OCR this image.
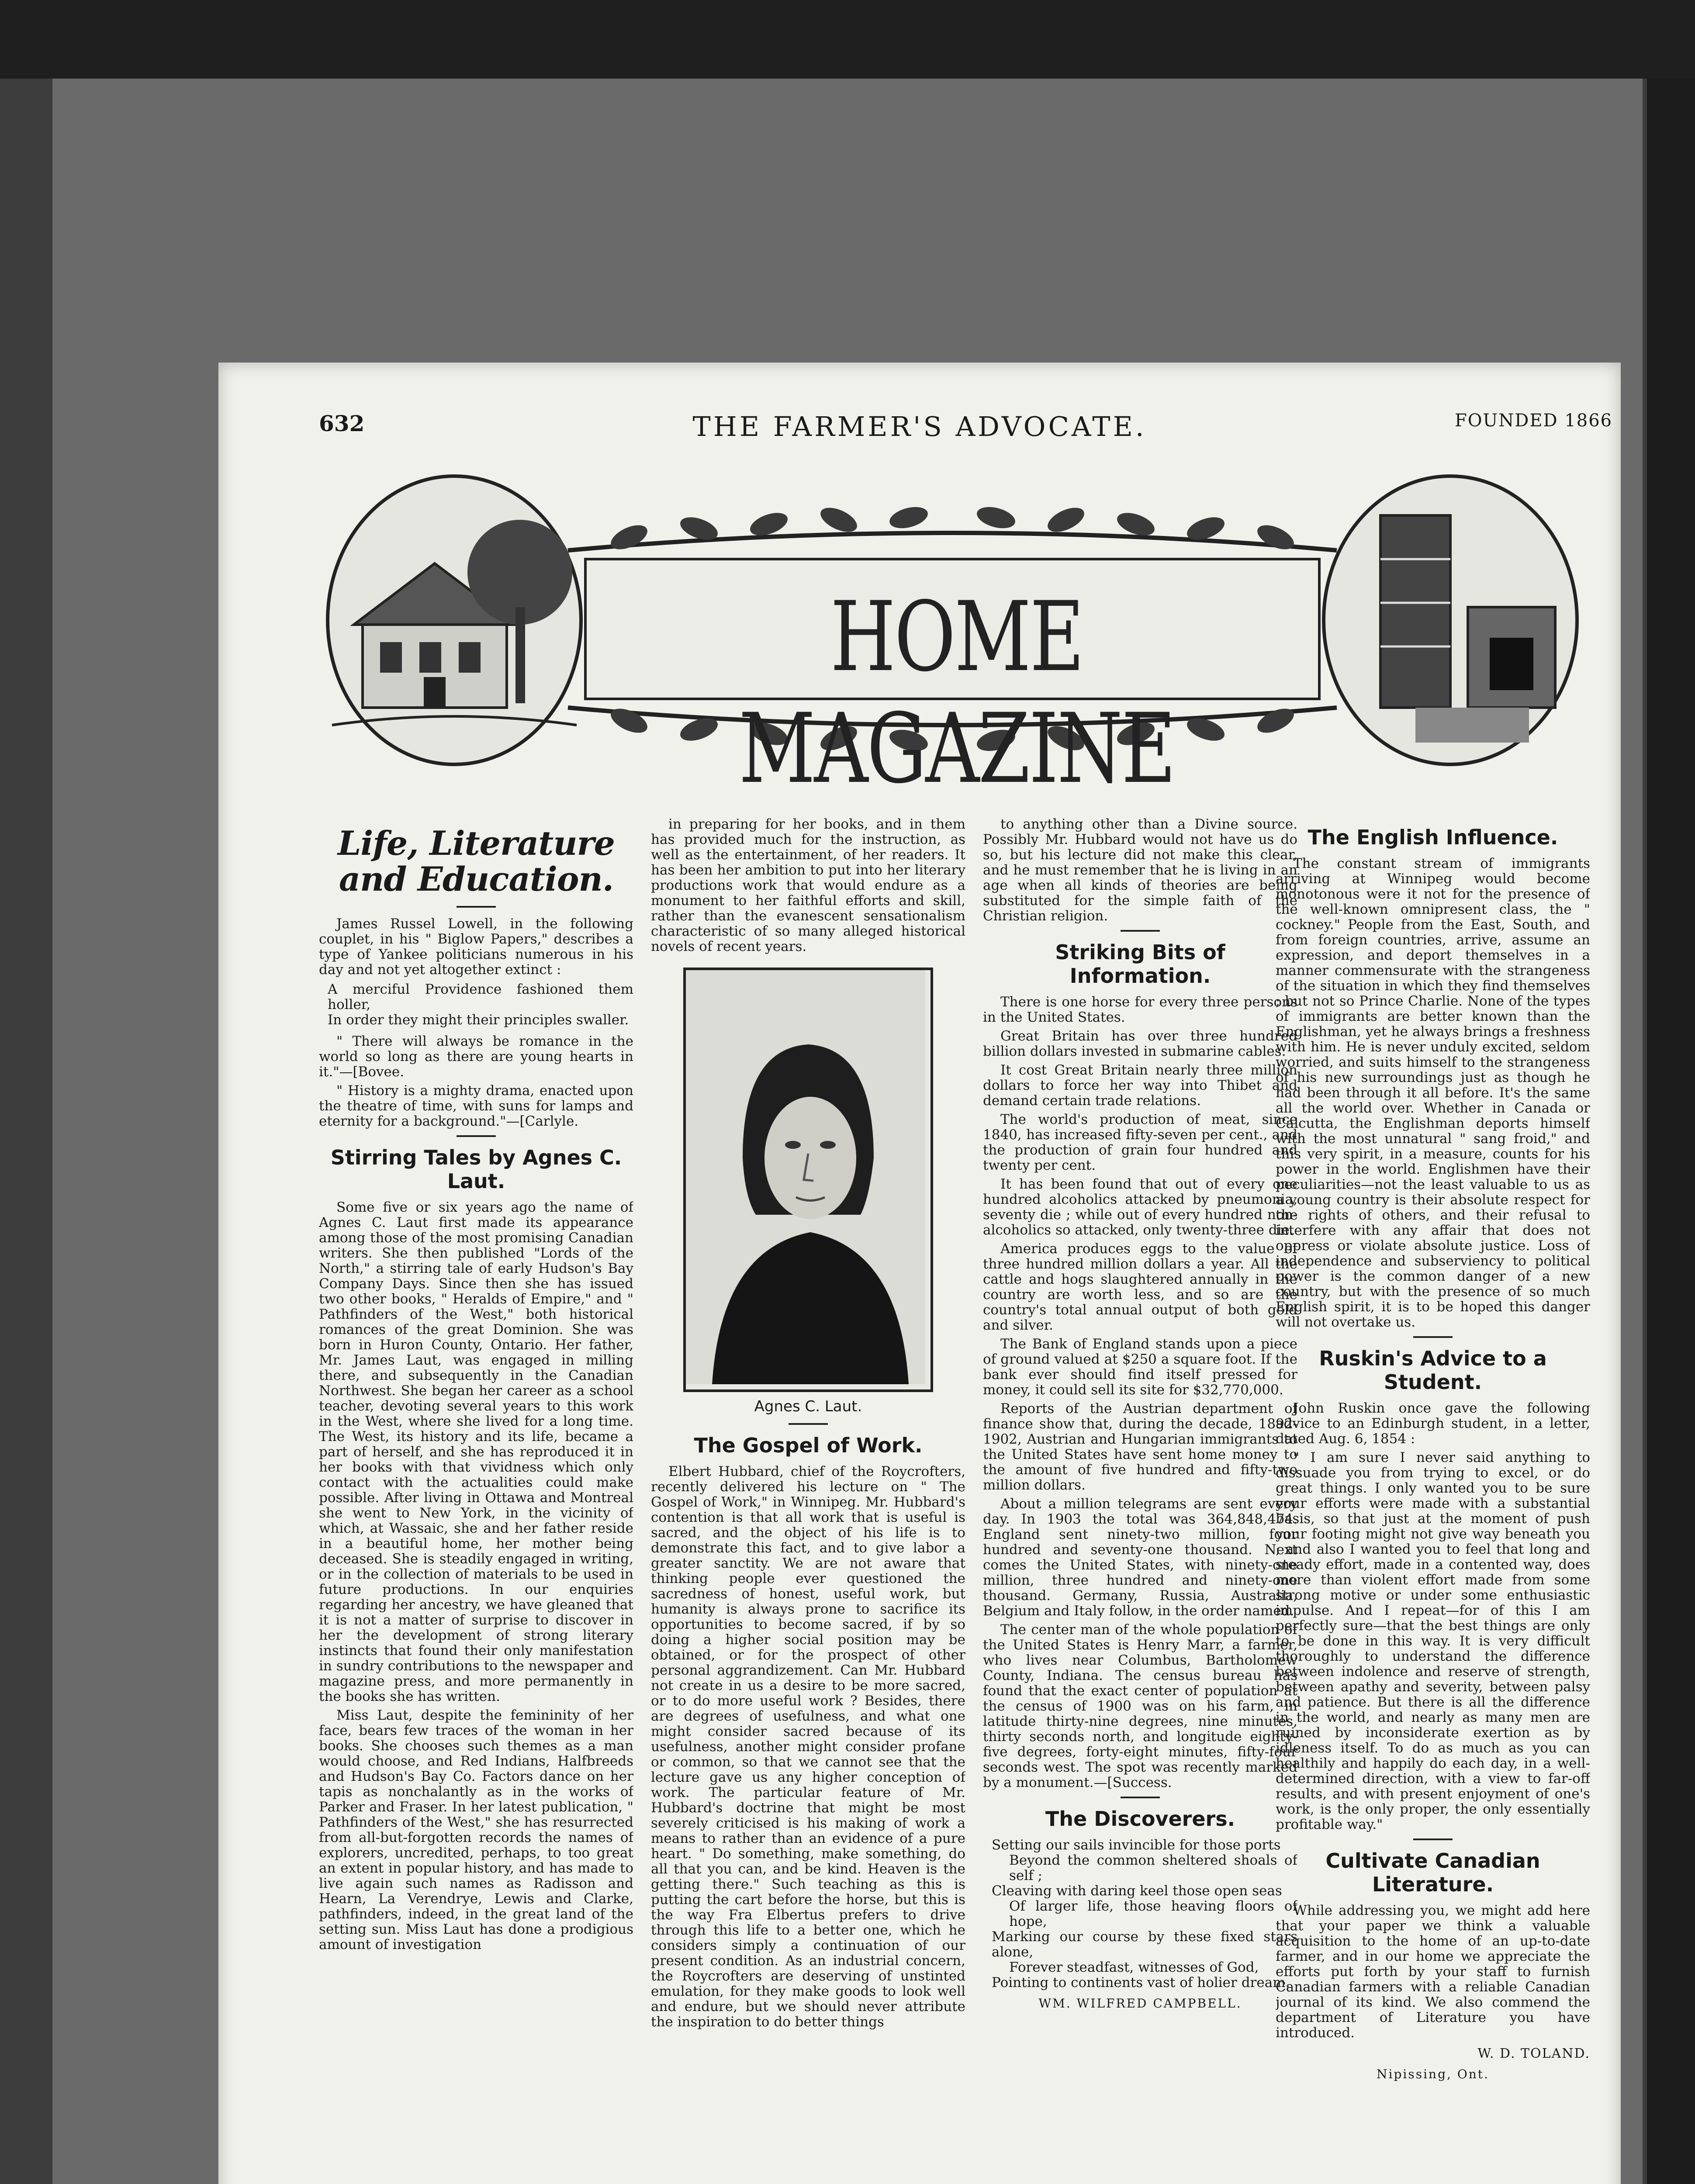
632	THE FARMER'S ADVOCATE.	FOUNDED 1866
HOME MAGAZINE
Life, Literature and Education.

James Russel Lowell, in the following couplet, in his " Biglow Papers," describes a type of Yankee politicians numerous in his day and not yet altogether extinct :

A merciful Providence fashioned them holler,
In order they might their principles swaller.

" There will always be romance in the world so long as there are young hearts in it."—[Bovee.

" History is a mighty drama, enacted upon the theatre of time, with suns for lamps and eternity for a background."—[Carlyle.

Stirring Tales by Agnes C. Laut.

Some five or six years ago the name of Agnes C. Laut first made its appearance among those of the most promising Canadian writers. She then published "Lords of the North," a stirring tale of early Hudson's Bay Company Days. Since then she has issued two other books, " Heralds of Empire," and " Pathfinders of the West," both historical romances of the great Dominion. She was born in Huron County, Ontario. Her father, Mr. James Laut, was engaged in milling there, and subsequently in the Canadian Northwest. She began her career as a school teacher, devoting several years to this work in the West, where she lived for a long time. The West, its history and its life, became a part of herself, and she has reproduced it in her books with that vividness which only contact with the actualities could make possible. After living in Ottawa and Montreal she went to New York, in the vicinity of which, at Wassaic, she and her father reside in a beautiful home, her mother being deceased. She is steadily engaged in writing, or in the collection of materials to be used in future productions. In our enquiries regarding her ancestry, we have gleaned that it is not a matter of surprise to discover in her the development of strong literary instincts that found their only manifestation in sundry contributions to the newspaper and magazine press, and more permanently in the books she has written.

Miss Laut, despite the femininity of her face, bears few traces of the woman in her books. She chooses such themes as a man would choose, and Red Indians, Halfbreeds and Hudson's Bay Co. Factors dance on her tapis as nonchalantly as in the works of Parker and Fraser. In her latest publication, " Pathfinders of the West," she has resurrected from all-but-forgotten records the names of explorers, uncredited, perhaps, to too great an extent in popular history, and has made to live again such names as Radisson and Hearn, La Verendrye, Lewis and Clarke, pathfinders, indeed, in the great land of the setting sun. Miss Laut has done a prodigious amount of investigation

in preparing for her books, and in them has provided much for the instruction, as well as the entertainment, of her readers. It has been her ambition to put into her literary productions work that would endure as a monument to her faithful efforts and skill, rather than the evanescent sensationalism characteristic of so many alleged historical novels of recent years.

Agnes C. Laut.
The Gospel of Work.

Elbert Hubbard, chief of the Roycrofters, recently delivered his lecture on " The Gospel of Work," in Winnipeg. Mr. Hubbard's contention is that all work that is useful is sacred, and the object of his life is to demonstrate this fact, and to give labor a greater sanctity. We are not aware that thinking people ever questioned the sacredness of honest, useful work, but humanity is always prone to sacrifice its opportunities to become sacred, if by so doing a higher social position may be obtained, or for the prospect of other personal aggrandizement. Can Mr. Hubbard not create in us a desire to be more sacred, or to do more useful work ? Besides, there are degrees of usefulness, and what one might consider sacred because of its usefulness, another might consider profane or common, so that we cannot see that the lecture gave us any higher conception of work. The particular feature of Mr. Hubbard's doctrine that might be most severely criticised is his making of work a means to rather than an evidence of a pure heart. " Do something, make something, do all that you can, and be kind. Heaven is the getting there." Such teaching as this is putting the cart before the horse, but this is the way Fra Elbertus prefers to drive through this life to a better one, which he considers simply a continuation of our present condition. As an industrial concern, the Roycrofters are deserving of unstinted emulation, for they make goods to look well and endure, but we should never attribute the inspiration to do better things

to anything other than a Divine source. Possibly Mr. Hubbard would not have us do so, but his lecture did not make this clear, and he must remember that he is living in an age when all kinds of theories are being substituted for the simple faith of the Christian religion.

Striking Bits of Information.

There is one horse for every three persons in the United States.

Great Britain has over three hundred billion dollars invested in submarine cables.

It cost Great Britain nearly three million dollars to force her way into Thibet and demand certain trade relations.

The world's production of meat, since 1840, has increased fifty-seven per cent., and the production of grain four hundred and twenty per cent.

It has been found that out of every one hundred alcoholics attacked by pneumonia, seventy die ; while out of every hundred non-alcoholics so attacked, only twenty-three die.

America produces eggs to the value of three hundred million dollars a year. All the cattle and hogs slaughtered annually in the country are worth less, and so are the country's total annual output of both gold and silver.

The Bank of England stands upon a piece of ground valued at $250 a square foot. If the bank ever should find itself pressed for money, it could sell its site for $32,770,000.

Reports of the Austrian department of finance show that, during the decade, 1892-1902, Austrian and Hungarian immigrants to the United States have sent home money to the amount of five hundred and fifty-two million dollars.

About a million telegrams are sent every day. In 1903 the total was 364,848,474. England sent ninety-two million, four hundred and seventy-one thousand. Next comes the United States, with ninety-one million, three hundred and ninety-one thousand. Germany, Russia, Australia, Belgium and Italy follow, in the order named.

The center man of the whole population of the United States is Henry Marr, a farmer, who lives near Columbus, Bartholomew County, Indiana. The census bureau has found that the exact center of population at the census of 1900 was on his farm, in latitude thirty-nine degrees, nine minutes, thirty seconds north, and longitude eighty-five degrees, forty-eight minutes, fifty-four seconds west. The spot was recently marked by a monument.—[Success.

The Discoverers.
Setting our sails invincible for those ports
Beyond the common sheltered shoals of self ;
Cleaving with daring keel those open seas
Of larger life, those heaving floors of hope,
Marking our course by these fixed stars alone,
Forever steadfast, witnesses of God,
Pointing to continents vast of holier dream.
WM. WILFRED CAMPBELL.
The English Influence.

The constant stream of immigrants arriving at Winnipeg would become monotonous were it not for the presence of the well-known omnipresent class, the " cockney." People from the East, South, and from foreign countries, arrive, assume an expression, and deport themselves in a manner commensurate with the strangeness of the situation in which they find themselves ; but not so Prince Charlie. None of the types of immigrants are better known than the Englishman, yet he always brings a freshness with him. He is never unduly excited, seldom worried, and suits himself to the strangeness of his new surroundings just as though he had been through it all before. It's the same all the world over. Whether in Canada or Calcutta, the Englishman deports himself with the most unnatural " sang froid," and this very spirit, in a measure, counts for his power in the world. Englishmen have their peculiarities—not the least valuable to us as a young country is their absolute respect for the rights of others, and their refusal to interfere with any affair that does not oppress or violate absolute justice. Loss of independence and subserviency to political power is the common danger of a new country, but with the presence of so much English spirit, it is to be hoped this danger will not overtake us.

Ruskin's Advice to a Student.

John Ruskin once gave the following advice to an Edinburgh student, in a letter, dated Aug. 6, 1854 :

" I am sure I never said anything to dissuade you from trying to excel, or do great things. I only wanted you to be sure your efforts were made with a substantial basis, so that just at the moment of push your footing might not give way beneath you ; and also I wanted you to feel that long and steady effort, made in a contented way, does more than violent effort made from some strong motive or under some enthusiastic impulse. And I repeat—for of this I am perfectly sure—that the best things are only to be done in this way. It is very difficult thoroughly to understand the difference between indolence and reserve of strength, between apathy and severity, between palsy and patience. But there is all the difference in the world, and nearly as many men are ruined by inconsiderate exertion as by idleness itself. To do as much as you can healthily and happily do each day, in a well-determined direction, with a view to far-off results, and with present enjoyment of one's work, is the only proper, the only essentially profitable way."

Cultivate Canadian Literature.

While addressing you, we might add here that your paper we think a valuable acquisition to the home of an up-to-date farmer, and in our home we appreciate the efforts put forth by your staff to furnish Canadian farmers with a reliable Canadian journal of its kind. We also commend the department of Literature you have introduced.

W. D. TOLAND.
Nipissing, Ont.
